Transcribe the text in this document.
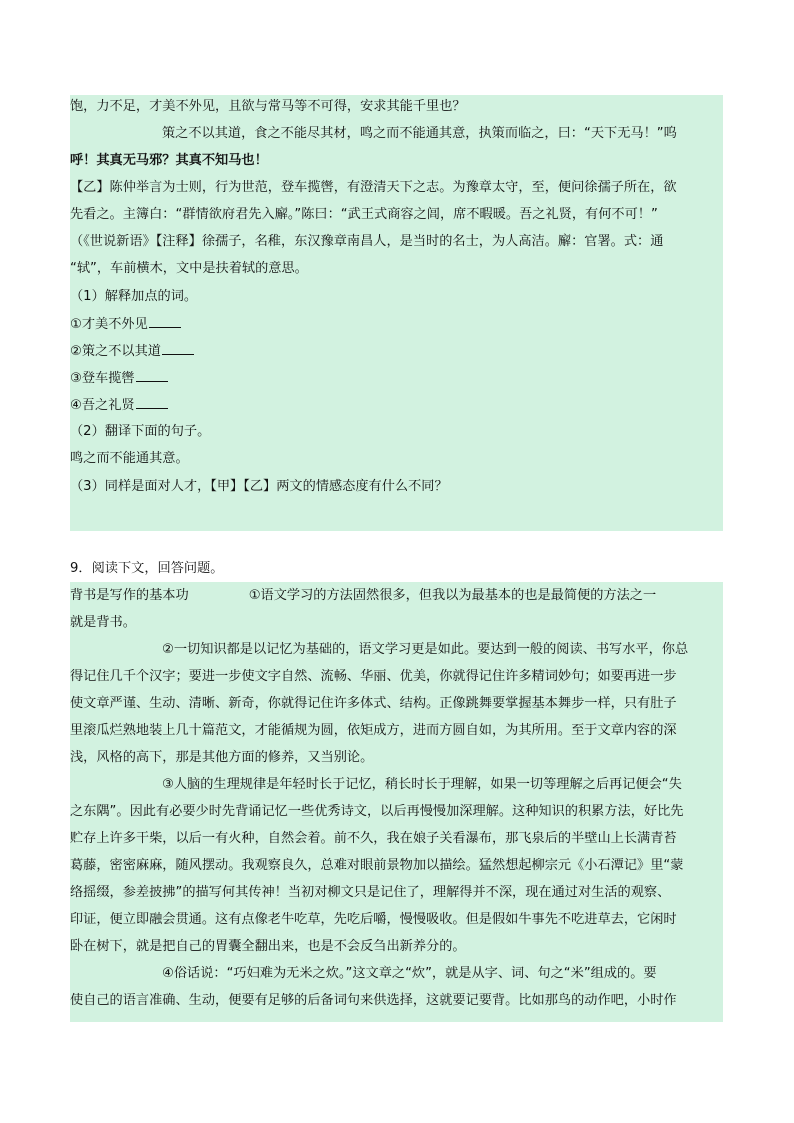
饱，力不足，才美不外见，且欲与常马等不可得，安求其能千里也？
策之不以其道，食之不能尽其材，鸣之而不能通其意，执策而临之，曰：“天下无马！”呜
呼！其真无马邪？其真不知马也！
【乙】陈仲举言为士则，行为世范，登车揽辔，有澄清天下之志。为豫章太守，至，便问徐孺子所在，欲
先看之。主簿白：“群情欲府君先入廨。”陈曰：“武王式商容之闾，席不暇暖。吾之礼贤，有何不可！”
（《世说新语》【注释】徐孺子，名稚，东汉豫章南昌人，是当时的名士，为人高洁。廨：官署。式：通
“轼”，车前横木，文中是扶着轼的意思。
（1）解释加点的词。
①才美不外见
②策之不以其道
③登车揽辔
④吾之礼贤
（2）翻译下面的句子。
鸣之而不能通其意。
（3）同样是面对人才，【甲】【乙】两文的情感态度有什么不同？
9．阅读下文，回答问题。
背书是写作的基本功	①语文学习的方法固然很多，但我以为最基本的也是最简便的方法之一
就是背书。
②一切知识都是以记忆为基础的，语文学习更是如此。要达到一般的阅读、书写水平，你总
得记住几千个汉字；要进一步使文字自然、流畅、华丽、优美，你就得记住许多精词妙句；如要再进一步
使文章严谨、生动、清晰、新奇，你就得记住许多体式、结构。正像跳舞要掌握基本舞步一样，只有肚子
里滚瓜烂熟地装上几十篇范文，才能循规为圆，依矩成方，进而方圆自如，为其所用。至于文章内容的深
浅，风格的高下，那是其他方面的修养，又当别论。
③人脑的生理规律是年轻时长于记忆，稍长时长于理解，如果一切等理解之后再记便会“失
之东隅”。因此有必要少时先背诵记忆一些优秀诗文，以后再慢慢加深理解。这种知识的积累方法，好比先
贮存上许多干柴，以后一有火种，自然会着。前不久，我在娘子关看瀑布，那飞泉后的半壁山上长满青苔
葛藤，密密麻麻，随风摆动。我观察良久，总难对眼前景物加以描绘。猛然想起柳宗元《小石潭记》里“蒙
络摇缀，参差披拂”的描写何其传神！当初对柳文只是记住了，理解得并不深，现在通过对生活的观察、
印证，便立即融会贯通。这有点像老牛吃草，先吃后嚼，慢慢吸收。但是假如牛事先不吃进草去，它闲时
卧在树下，就是把自己的胃囊全翻出来，也是不会反刍出新养分的。
④俗话说：“巧妇难为无米之炊。”这文章之“炊”，就是从字、词、句之“米”组成的。要
使自己的语言准确、生动，便要有足够的后备词句来供选择，这就要记要背。比如那鸟的动作吧，小时作
